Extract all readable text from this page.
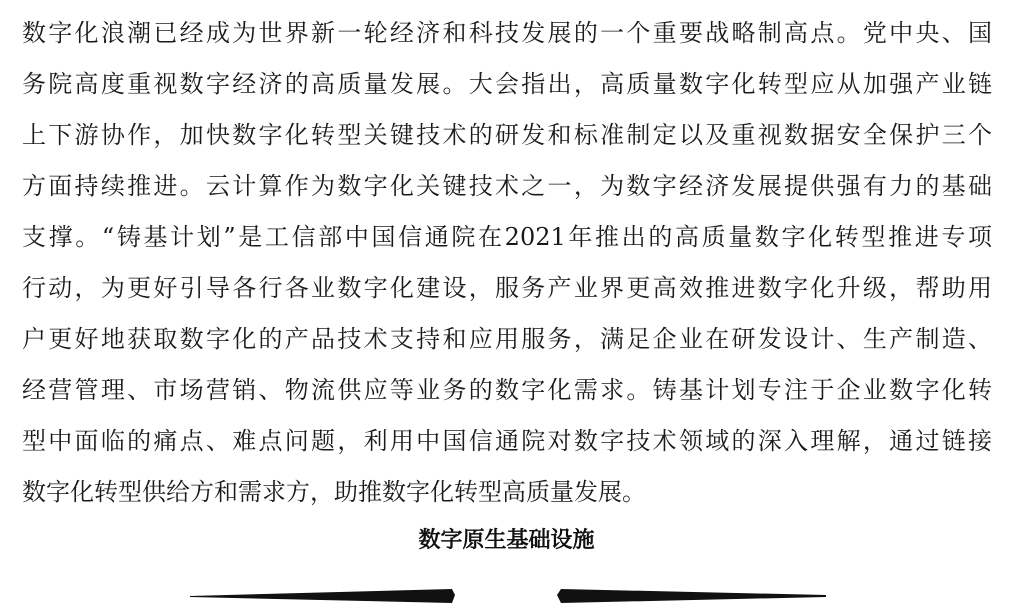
数字化浪潮已经成为世界新一轮经济和科技发展的一个重要战略制高点。党中央、国
务院高度重视数字经济的高质量发展。大会指出，高质量数字化转型应从加强产业链
上下游协作，加快数字化转型关键技术的研发和标准制定以及重视数据安全保护三个
方面持续推进。云计算作为数字化关键技术之一，为数字经济发展提供强有力的基础
支撑。“铸基计划”是工信部中国信通院在2021年推出的高质量数字化转型推进专项
行动，为更好引导各行各业数字化建设，服务产业界更高效推进数字化升级，帮助用
户更好地获取数字化的产品技术支持和应用服务，满足企业在研发设计、生产制造、
经营管理、市场营销、物流供应等业务的数字化需求。铸基计划专注于企业数字化转
型中面临的痛点、难点问题，利用中国信通院对数字技术领域的深入理解，通过链接
数字化转型供给方和需求方，助推数字化转型高质量发展。
数字原生基础设施
